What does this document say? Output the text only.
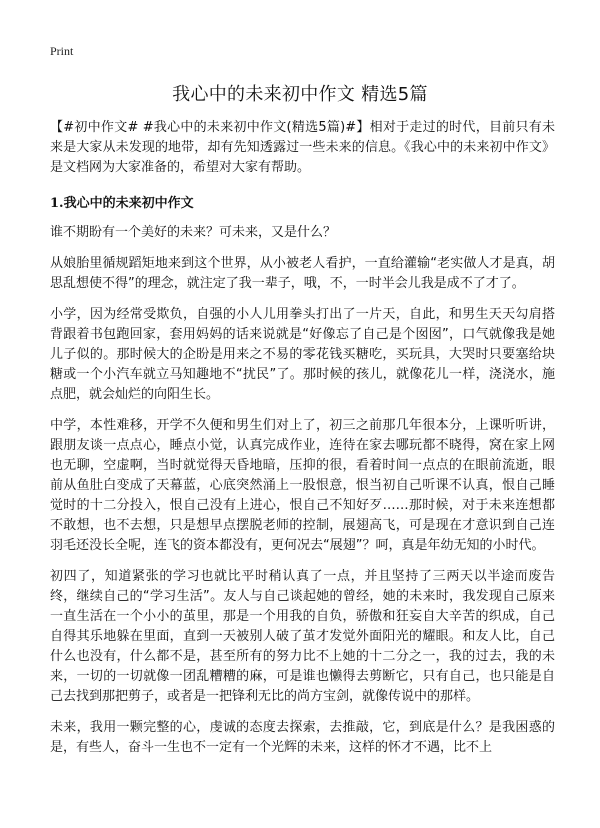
Print
我心中的未来初中作文 精选5篇

【#初中作文# #我心中的未来初中作文(精选5篇)#】相对于走过的时代，目前只有未来是大家从未发现的地带，却有先知透露过一些未来的信息。《我心中的未来初中作文》是文档网为大家准备的，希望对大家有帮助。

1.我心中的未来初中作文

谁不期盼有一个美好的未来？可未来，又是什么？

从娘胎里循规蹈矩地来到这个世界，从小被老人看护，一直给灌输“老实做人才是真，胡思乱想使不得”的理念，就注定了我一辈子，哦，不，一时半会儿我是成不了才了。

小学，因为经常受欺负，自强的小人儿用拳头打出了一片天，自此，和男生天天勾肩搭背跟着书包跑回家，套用妈妈的话来说就是“好像忘了自己是个囡囡”，口气就像我是她儿子似的。那时候大的企盼是用来之不易的零花钱买糖吃，买玩具，大哭时只要塞给块糖或一个小汽车就立马知趣地不“扰民”了。那时候的孩儿，就像花儿一样，浇浇水，施点肥，就会灿烂的向阳生长。

中学，本性难移，开学不久便和男生们对上了，初三之前那几年很本分，上课听听讲，跟朋友谈一点点心，睡点小觉，认真完成作业，连待在家去哪玩都不晓得，窝在家上网也无聊，空虚啊，当时就觉得天昏地暗，压抑的很，看着时间一点点的在眼前流逝，眼前从鱼肚白变成了天幕蓝，心底突然涌上一股恨意，恨当初自己听课不认真，恨自己睡觉时的十二分投入，恨自己没有上进心，恨自己不知好歹……那时候，对于未来连想都不敢想，也不去想，只是想早点摆脱老师的控制，展翅高飞，可是现在才意识到自己连羽毛还没长全呢，连飞的资本都没有，更何况去“展翅”？呵，真是年幼无知的小时代。

初四了，知道紧张的学习也就比平时稍认真了一点，并且坚持了三两天以半途而废告终，继续自己的“学习生活”。友人与自己谈起她的曾经，她的未来时，我发现自己原来一直生活在一个小小的茧里，那是一个用我的自负，骄傲和狂妄自大辛苦的织成，自己自得其乐地躲在里面，直到一天被别人破了茧才发觉外面阳光的耀眼。和友人比，自己什么也没有，什么都不是，甚至所有的努力比不上她的十二分之一，我的过去，我的未来，一切的一切就像一团乱糟糟的麻，可是谁也懒得去剪断它，只有自己，也只能是自己去找到那把剪子，或者是一把锋利无比的尚方宝剑，就像传说中的那样。

未来，我用一颗完整的心，虔诚的态度去探索，去推敲，它，到底是什么？是我困惑的是，有些人，奋斗一生也不一定有一个光辉的未来，这样的怀才不遇，比不上
